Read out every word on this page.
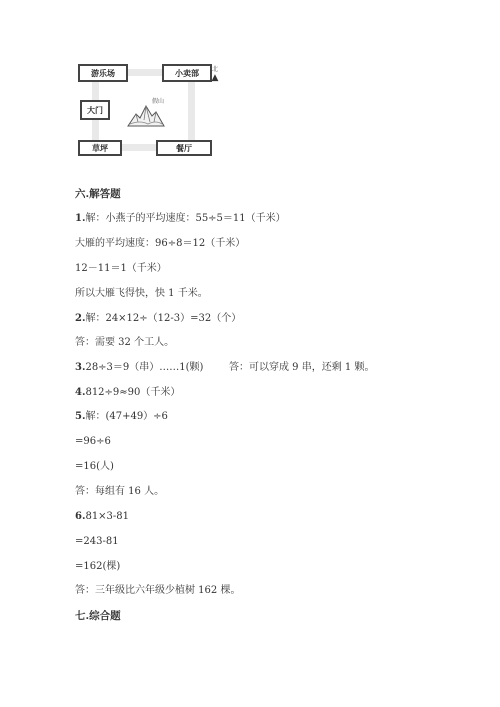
游乐场	小卖部
大门
草坪	餐厅
假山
北
▲
六.解答题
1.解：小燕子的平均速度：55÷5＝11（千米）
大雁的平均速度：96÷8＝12（千米）
12－11＝1（千米）
所以大雁飞得快，快 1 千米。
2.解：24×12÷（12-3）=32（个）
答：需要 32 个工人。
3.28÷3＝9（串）……1(颗)	答：可以穿成 9 串，还剩 1 颗。
4.812÷9≈90（千米）
5.解：(47+49）÷6
=96÷6
=16(人)
答：每组有 16 人。
6.81×3-81
=243-81
=162(棵)
答：三年级比六年级少植树 162 棵。
七.综合题
